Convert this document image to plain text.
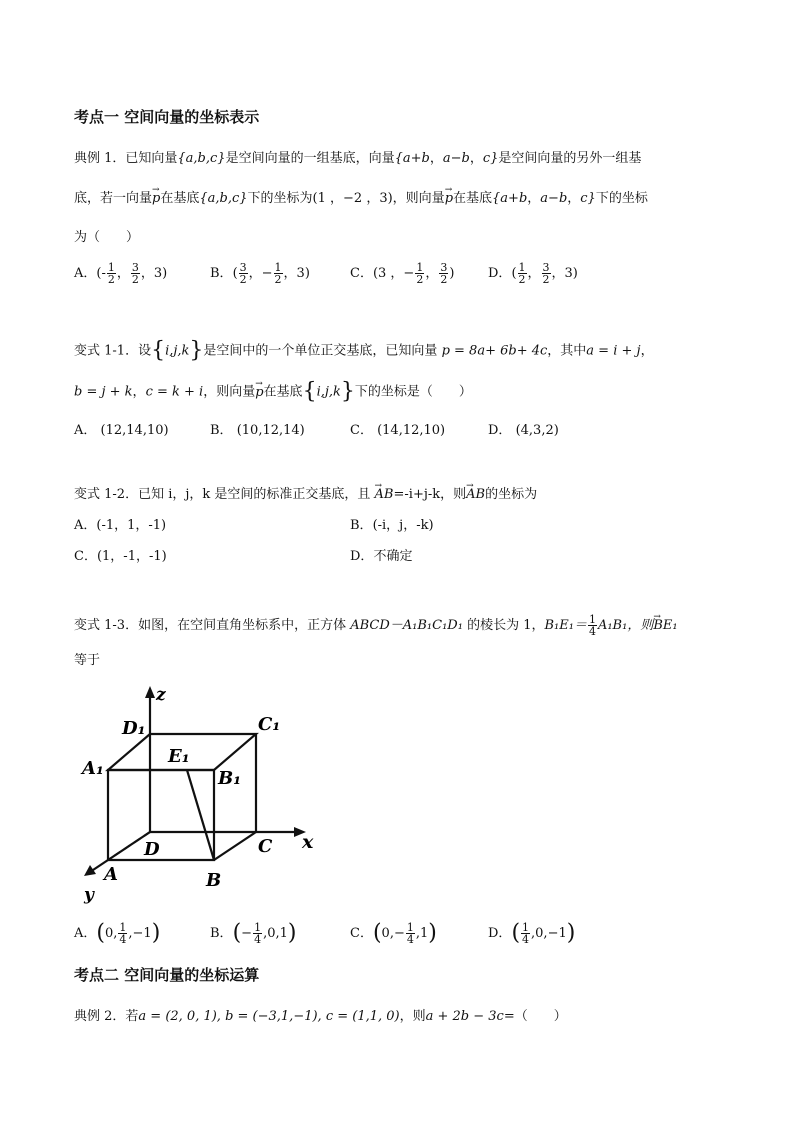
考点一 空间向量的坐标表示
典例 1．已知向量{a,b,c}是空间向量的一组基底，向量{a+b，a−b，c}是空间向量的另外一组基
底，若一向量→ p在基底{a,b,c}下的坐标为(1 ，−2 ，3)，则向量→ p在基底{a+b，a−b，c}下的坐标
为（　　）
A．(- $\frac{1}{2}$ ， $\frac{3}{2}$ ，3)	B．( $\frac{3}{2}$ ，− $\frac{1}{2}$ ，3)	C．(3 ，− $\frac{1}{2}$ ， $\frac{3}{2}$ )	D．( $\frac{1}{2}$ ， $\frac{3}{2}$ ，3)
变式 1-1．设{i,j,k}是空间中的一个单位正交基底，已知向量 p = 8a+ 6b+ 4c，其中a = i + j，
b = j + k，c = k + i，则向量→ p在基底{i,j,k}下的坐标是（　　）
A． (12,14,10)	B． (10,12,14)	C． (14,12,10)	D． (4,3,2)
变式 1-2．已知 i，j，k 是空间的标准正交基底，且 → AB=-i+j-k，则→ AB的坐标为
A．(-1，1，-1)	B．(-i，j，-k)
C．(1，-1，-1)	D．不确定
变式 1-3．如图，在空间直角坐标系中，正方体 ABCD－A₁B₁C₁D₁ 的棱长为 1，$B_1E_1= \frac{1}{4} A_1B_1$，则→ BE₁
等于
z
x
y
D₁	C₁
A₁
E₁
B₁
D	C
A	B
A．(0, $\frac{1}{4} ,-1$)	B．(− $\frac{1}{4} ,0,1$)	C．$(0,- \frac{1}{4} ,1)$	D．( $\frac{1}{4} ,0,-1$)
考点二 空间向量的坐标运算
典例 2．若a = (2, 0, 1), b = (−3,1,−1), c = (1,1, 0)，则a + 2b − 3c=（　　）
